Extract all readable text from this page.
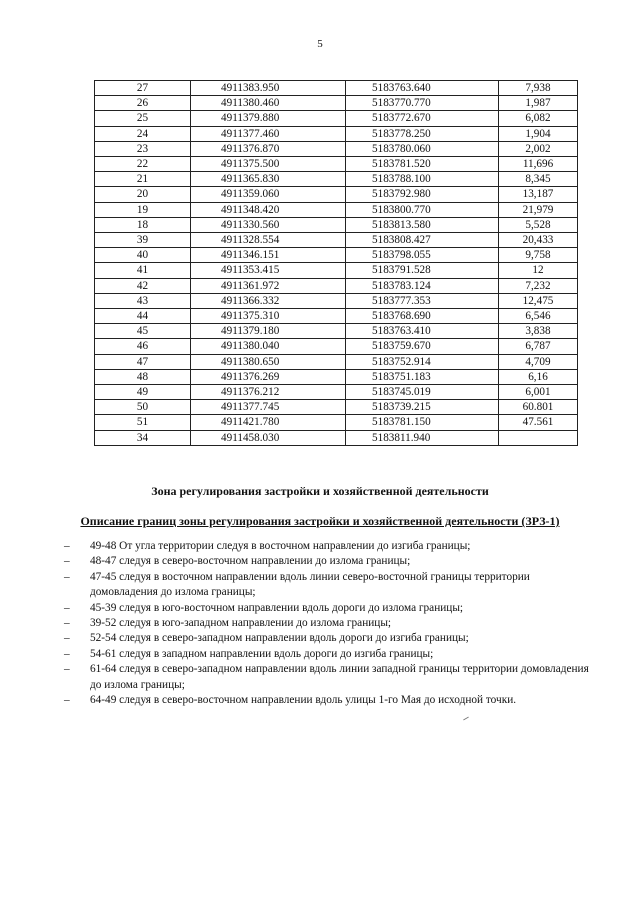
5
27	4911383.950	5183763.640	7,938
26	4911380.460	5183770.770	1,987
25	4911379.880	5183772.670	6,082
24	4911377.460	5183778.250	1,904
23	4911376.870	5183780.060	2,002
22	4911375.500	5183781.520	11,696
21	4911365.830	5183788.100	8,345
20	4911359.060	5183792.980	13,187
19	4911348.420	5183800.770	21,979
18	4911330.560	5183813.580	5,528
39	4911328.554	5183808.427	20,433
40	4911346.151	5183798.055	9,758
41	4911353.415	5183791.528	12
42	4911361.972	5183783.124	7,232
43	4911366.332	5183777.353	12,475
44	4911375.310	5183768.690	6,546
45	4911379.180	5183763.410	3,838
46	4911380.040	5183759.670	6,787
47	4911380.650	5183752.914	4,709
48	4911376.269	5183751.183	6,16
49	4911376.212	5183745.019	6,001
50	4911377.745	5183739.215	60.801
51	4911421.780	5183781.150	47.561
34	4911458.030	5183811.940	
Зона регулирования застройки и хозяйственной деятельности
Описание границ зоны регулирования застройки и хозяйственной деятельности (ЗРЗ-1)
– 49-48 От угла территории следуя в восточном направлении до изгиба границы;
– 48-47 следуя в северо-восточном направлении до излома границы;
– 47-45 следуя в восточном направлении вдоль линии северо-восточной границы территории домовладения до излома границы;
– 45-39 следуя в юго-восточном направлении вдоль дороги до излома границы;
– 39-52 следуя в юго-западном направлении до излома границы;
– 52-54 следуя в северо-западном направлении вдоль дороги до изгиба границы;
– 54-61 следуя в западном направлении вдоль дороги до изгиба границы;
– 61-64 следуя в северо-западном направлении вдоль линии западной границы территории домовладения до излома границы;
– 64-49 следуя в северо-восточном направлении вдоль улицы 1-го Мая до исходной точки.
